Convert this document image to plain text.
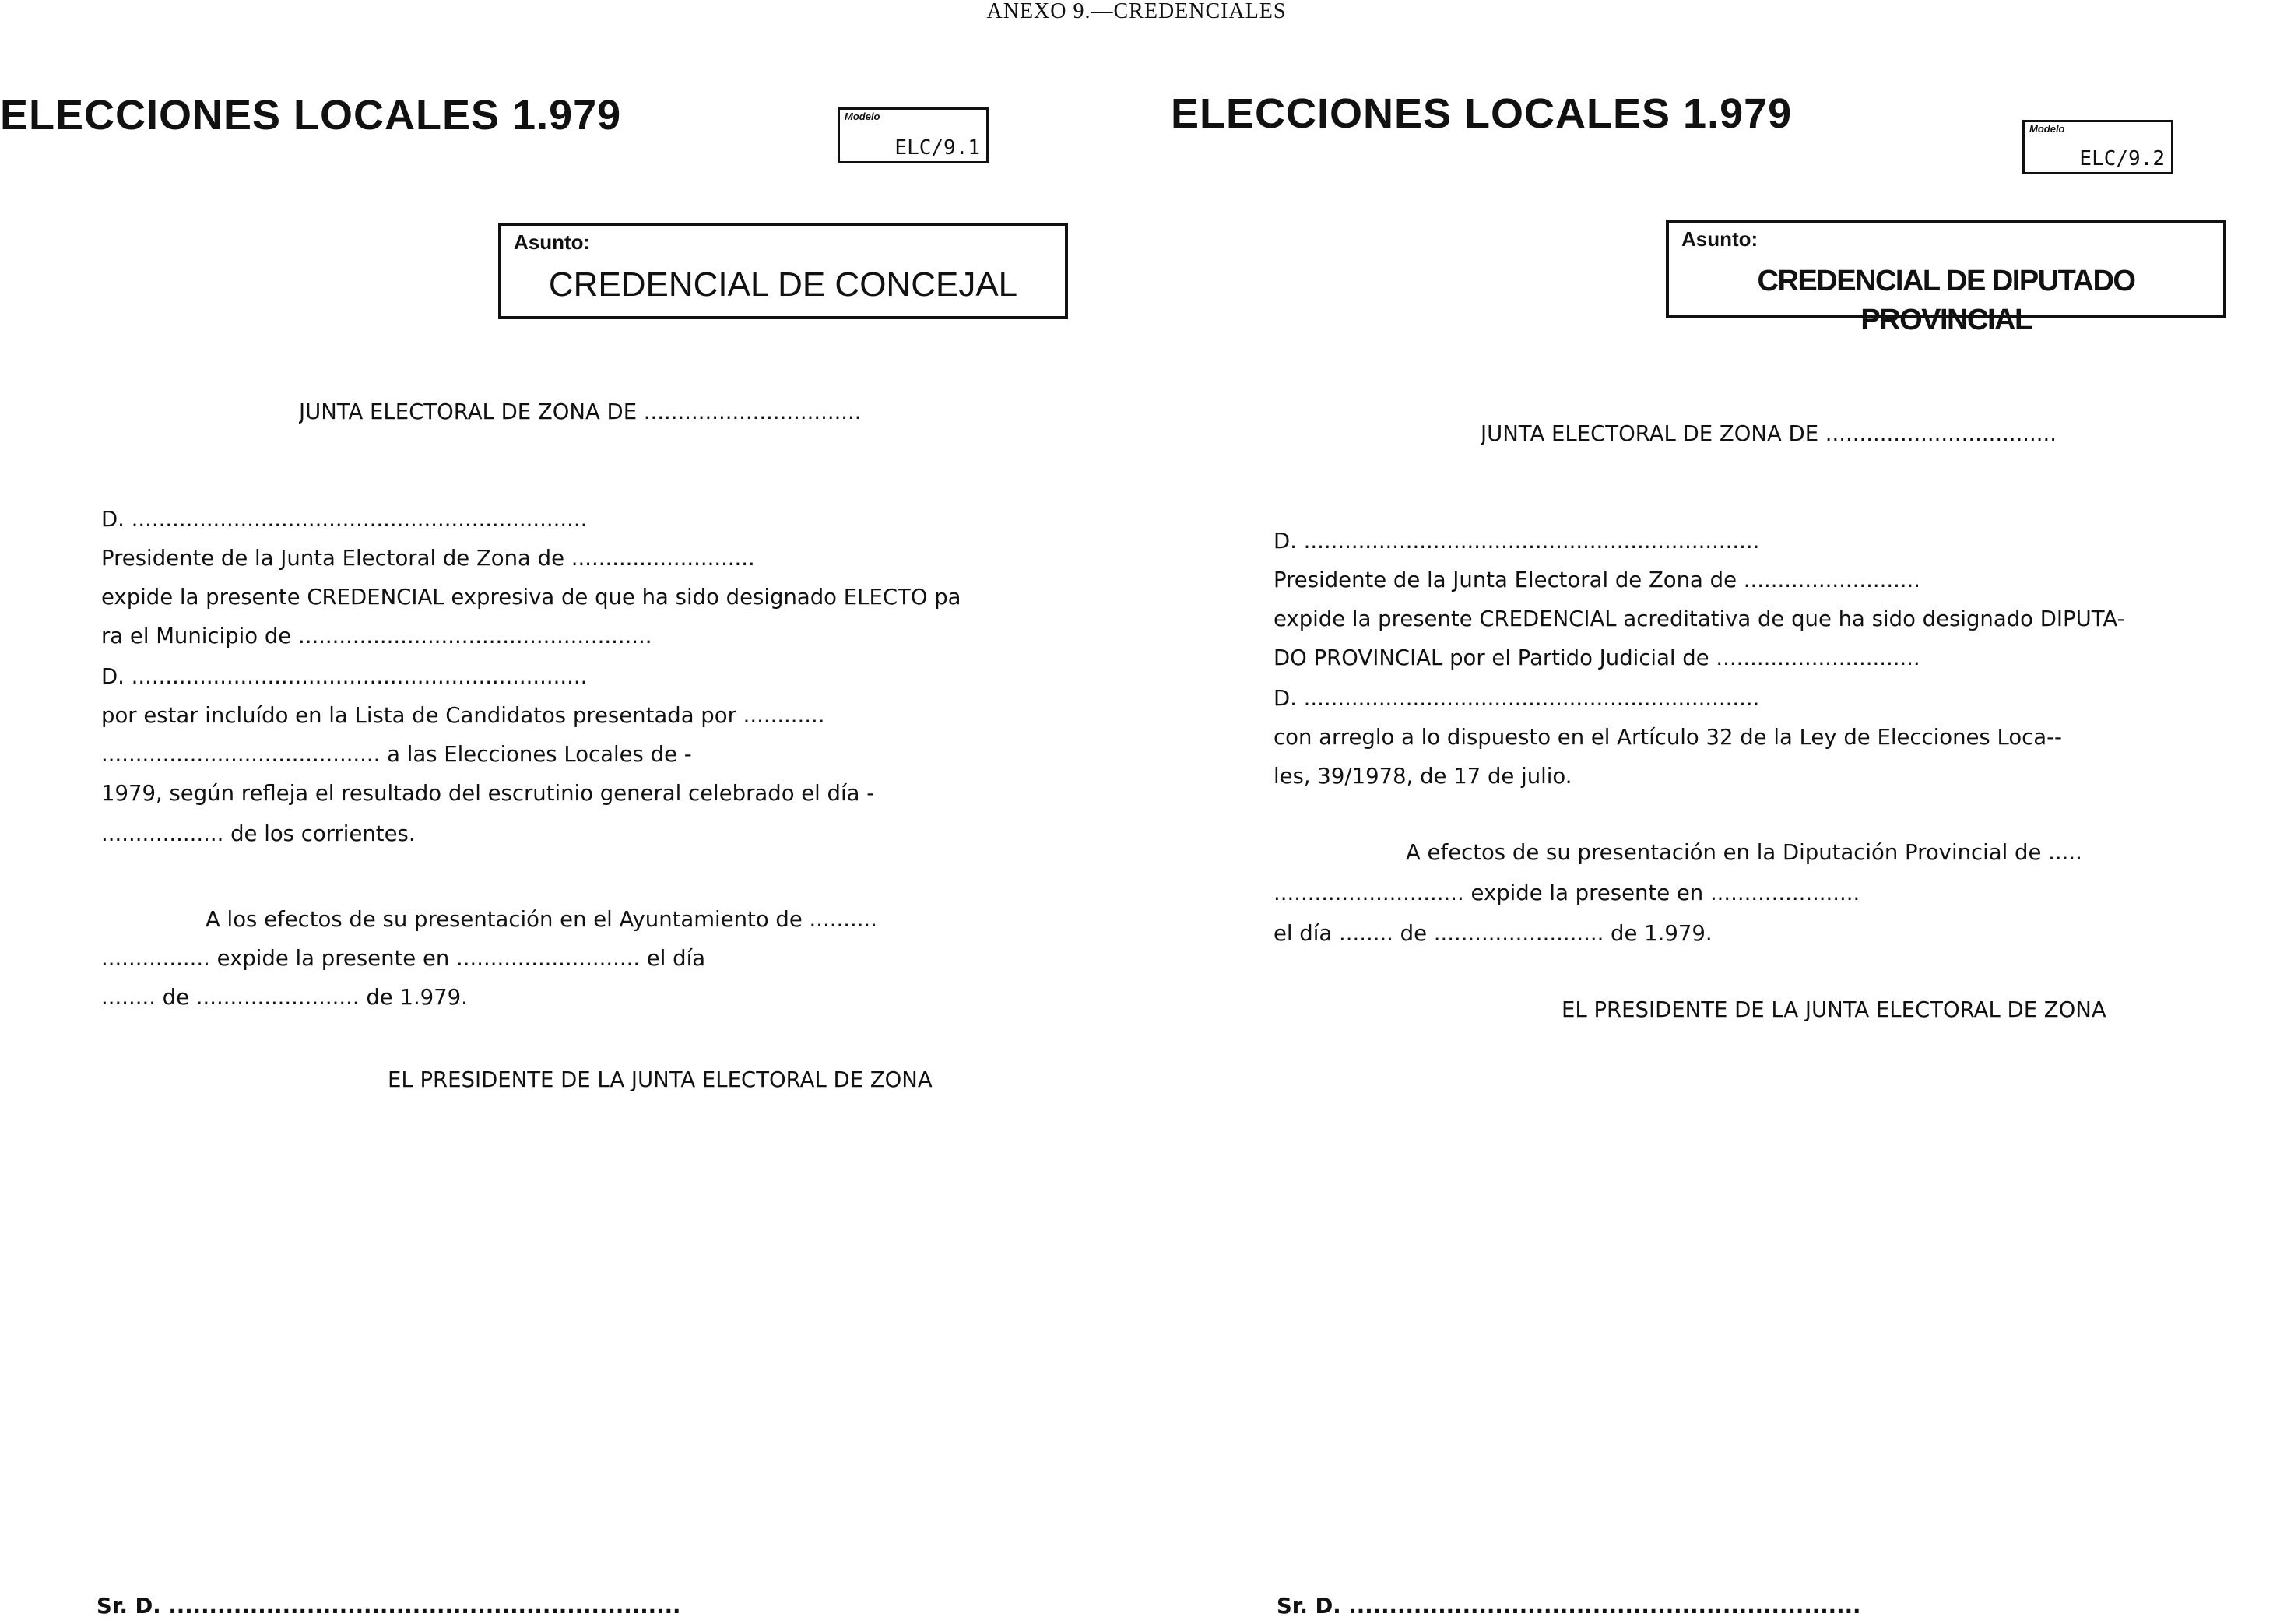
ANEXO 9.—CREDENCIALES
ELECCIONES LOCALES 1.979	Modelo
ELC/9.1
Asunto:
CREDENCIAL DE CONCEJAL
JUNTA ELECTORAL DE ZONA DE ................................
D. ...................................................................
Presidente de la Junta Electoral de Zona de ...........................
expide la presente CREDENCIAL expresiva de que ha sido designado ELECTO pa
ra el Municipio de ....................................................
D. ...................................................................
por estar incluído en la Lista de Candidatos presentada por ............
......................................... a las Elecciones Locales de -
1979, según refleja el resultado del escrutinio general celebrado el día -
.................. de los corrientes.
A los efectos de su presentación en el Ayuntamiento de ..........
................ expide la presente en ........................... el día
........ de ........................ de 1.979.
EL PRESIDENTE DE LA JUNTA ELECTORAL DE ZONA
Sr. D. ...............................................................
ELECCIONES LOCALES 1.979	Modelo
ELC/9.2
Asunto:
CREDENCIAL DE DIPUTADO PROVINCIAL
JUNTA ELECTORAL DE ZONA DE ..................................
D. ...................................................................
Presidente de la Junta Electoral de Zona de ..........................
expide la presente CREDENCIAL acreditativa de que ha sido designado DIPUTA-
DO PROVINCIAL por el Partido Judicial de ..............................
D. ...................................................................
con arreglo a lo dispuesto en el Artículo 32 de la Ley de Elecciones Loca--
les, 39/1978, de 17 de julio.
A efectos de su presentación en la Diputación Provincial de .....
............................ expide la presente en ......................
el día ........ de ......................... de 1.979.
EL PRESIDENTE DE LA JUNTA ELECTORAL DE ZONA
Sr. D. ...............................................................
